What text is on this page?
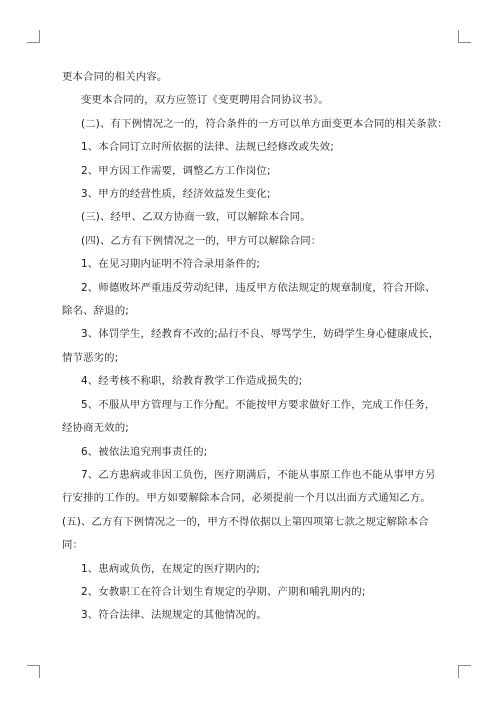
更本合同的相关内容。

变更本合同的，双方应签订《变更聘用合同协议书》。

(二)、有下例情况之一的，符合条件的一方可以单方面变更本合同的相关条款：

1、本合同订立时所依据的法律、法规已经修改或失效;

2、甲方因工作需要，调整乙方工作岗位;

3、甲方的经营性质，经济效益发生变化;

(三)、经甲、乙双方协商一致，可以解除本合同。

(四)、乙方有下例情况之一的，甲方可以解除合同：

1、在见习期内证明不符合录用条件的;

2、师德败坏严重违反劳动纪律，违反甲方依法规定的规章制度，符合开除、除名、辞退的;

3、体罚学生，经教育不改的;品行不良、辱骂学生，妨碍学生身心健康成长，情节恶劣的;

4、经考核不称职，给教育教学工作造成损失的;

5、不服从甲方管理与工作分配。不能按甲方要求做好工作，完成工作任务，经协商无效的;

6、被依法追究刑事责任的;

7、乙方患病或非因工负伤，医疗期满后，不能从事原工作也不能从事甲方另行安排的工作的。甲方如要解除本合同，必须提前一个月以出面方式通知乙方。(五)、乙方有下例情况之一的，甲方不得依据以上第四项第七款之规定解除本合同：

1、患病或负伤，在规定的医疗期内的;

2、女教职工在符合计划生育规定的孕期、产期和哺乳期内的;

3、符合法律、法规规定的其他情况的。
